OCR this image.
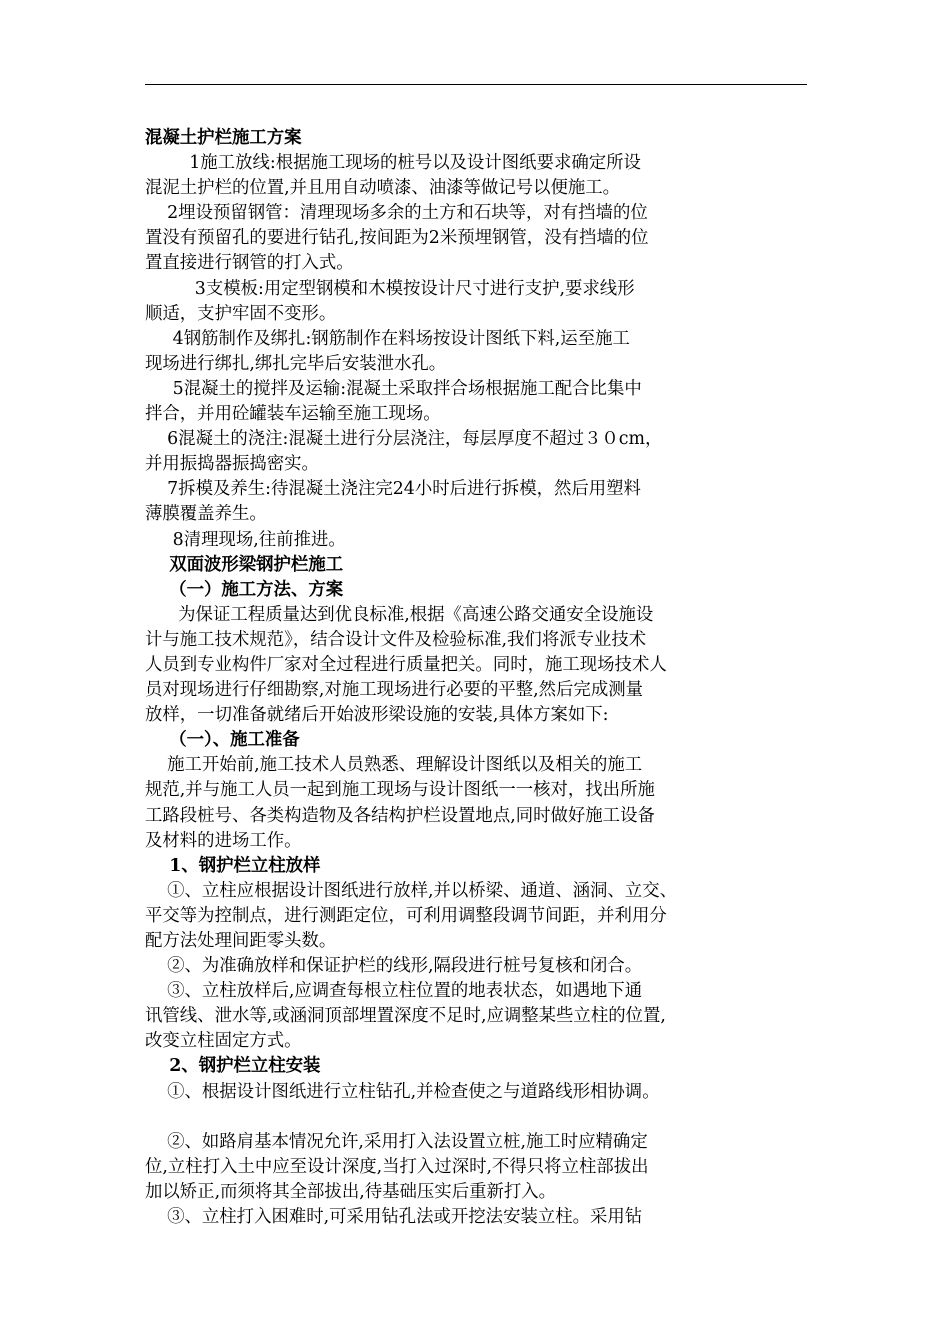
混凝土护栏施工方案
1施工放线:根据施工现场的桩号以及设计图纸要求确定所设
混泥土护栏的位置,并且用自动喷漆、油漆等做记号以便施工。
2埋设预留钢管：清理现场多余的土方和石块等，对有挡墙的位
置没有预留孔的要进行钻孔,按间距为2米预埋钢管，没有挡墙的位
置直接进行钢管的打入式。
3支模板:用定型钢模和木模按设计尺寸进行支护,要求线形
顺适，支护牢固不变形。
4钢筋制作及绑扎:钢筋制作在料场按设计图纸下料,运至施工
现场进行绑扎,绑扎完毕后安装泄水孔。
5混凝土的搅拌及运输:混凝土采取拌合场根据施工配合比集中
拌合，并用砼罐装车运输至施工现场。
6混凝土的浇注:混凝土进行分层浇注，每层厚度不超过３０cm，
并用振捣器振捣密实。
7拆模及养生:待混凝土浇注完24小时后进行拆模，然后用塑料
薄膜覆盖养生。
8清理现场,往前推进。
双面波形梁钢护栏施工
（一）施工方法、方案
为保证工程质量达到优良标准,根据《高速公路交通安全设施设
计与施工技术规范》，结合设计文件及检验标准,我们将派专业技术
人员到专业构件厂家对全过程进行质量把关。同时，施工现场技术人
员对现场进行仔细勘察,对施工现场进行必要的平整,然后完成测量
放样，一切准备就绪后开始波形梁设施的安装,具体方案如下:
（一）、施工准备
施工开始前,施工技术人员熟悉、理解设计图纸以及相关的施工
规范,并与施工人员一起到施工现场与设计图纸一一核对，找出所施
工路段桩号、各类构造物及各结构护栏设置地点,同时做好施工设备
及材料的进场工作。
1、钢护栏立柱放样
①、立柱应根据设计图纸进行放样,并以桥梁、通道、涵洞、立交、
平交等为控制点，进行测距定位，可利用调整段调节间距，并利用分
配方法处理间距零头数。
②、为准确放样和保证护栏的线形,隔段进行桩号复核和闭合。
③、立柱放样后,应调查每根立柱位置的地表状态，如遇地下通
讯管线、泄水等,或涵洞顶部埋置深度不足时,应调整某些立柱的位置,
改变立柱固定方式。
2、钢护栏立柱安装
①、根据设计图纸进行立柱钻孔,并检查使之与道路线形相协调。
②、如路肩基本情况允许,采用打入法设置立桩,施工时应精确定
位,立柱打入土中应至设计深度,当打入过深时,不得只将立柱部拔出
加以矫正,而须将其全部拔出,待基础压实后重新打入。
③、立柱打入困难时,可采用钻孔法或开挖法安装立柱。采用钻
